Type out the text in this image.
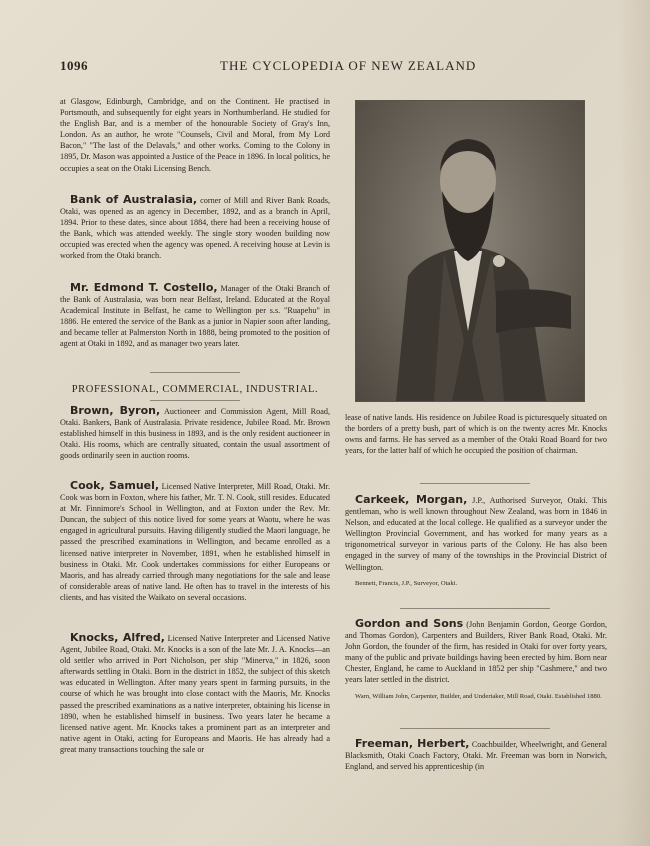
1096	THE CYCLOPEDIA OF NEW ZEALAND

at Glasgow, Edinburgh, Cambridge, and on the Continent. He practised in Portsmouth, and subsequently for eight years in Northumberland. He studied for the English Bar, and is a member of the honourable Society of Gray's Inn, London. As an author, he wrote "Counsels, Civil and Moral, from My Lord Bacon," "The last of the Delavals," and other works. Coming to the Colony in 1895, Dr. Mason was appointed a Justice of the Peace in 1896. In local politics, he occupies a seat on the Otaki Licensing Bench.

Bank of Australasia, corner of Mill and River Bank Roads, Otaki, was opened as an agency in December, 1892, and as a branch in April, 1894. Prior to these dates, since about 1884, there had been a receiving house of the Bank, which was attended weekly. The single story wooden building now occupied was erected when the agency was opened. A receiving house at Levin is worked from the Otaki branch.

Mr. Edmond T. Costello, Manager of the Otaki Branch of the Bank of Australasia, was born near Belfast, Ireland. Educated at the Royal Academical Institute in Belfast, he came to Wellington per s.s. "Ruapehu" in 1886. He entered the service of the Bank as a junior in Napier soon after landing, and became teller at Palmerston North in 1888, being promoted to the position of agent at Otaki in 1892, and as manager two years later.

PROFESSIONAL, COMMERCIAL, INDUSTRIAL.

Brown, Byron, Auctioneer and Commission Agent, Mill Road, Otaki. Bankers, Bank of Australasia. Private residence, Jubilee Road. Mr. Brown established himself in this business in 1893, and is the only resident auctioneer in Otaki. His rooms, which are centrally situated, contain the usual assortment of goods ordinarily seen in auction rooms.

Cook, Samuel, Licensed Native Interpreter, Mill Road, Otaki. Mr. Cook was born in Foxton, where his father, Mr. T. N. Cook, still resides. Educated at Mr. Finnimore's School in Wellington, and at Foxton under the Rev. Mr. Duncan, the subject of this notice lived for some years at Waotu, where he was engaged in agricultural pursuits. Having diligently studied the Maori language, he passed the prescribed examinations in Wellington, and became enrolled as a licensed native interpreter in November, 1891, when he established himself in business in Otaki. Mr. Cook undertakes commissions for either Europeans or Maoris, and has already carried through many negotiations for the sale and lease of considerable areas of native land. He often has to travel in the interests of his clients, and has visited the Waikato on several occasions.

Knocks, Alfred, Licensed Native Interpreter and Licensed Native Agent, Jubilee Road, Otaki. Mr. Knocks is a son of the late Mr. J. A. Knocks—an old settler who arrived in Port Nicholson, per ship "Minerva," in 1826, soon afterwards settling in Otaki. Born in the district in 1852, the subject of this sketch was educated in Wellington. After many years spent in farming pursuits, in the course of which he was brought into close contact with the Maoris, Mr. Knocks passed the prescribed examinations as a native interpreter, obtaining his license in 1890, when he established himself in business. Two years later he became a licensed native agent. Mr. Knocks takes a prominent part as an interpreter and native agent in Otaki, acting for Europeans and Maoris. He has already had a great many transactions touching the sale or

lease of native lands. His residence on Jubilee Road is picturesquely situated on the borders of a pretty bush, part of which is on the twenty acres Mr. Knocks owns and farms. He has served as a member of the Otaki Road Board for two years, for the latter half of which he occupied the position of chairman.

Carkeek, Morgan, J.P., Authorised Surveyor, Otaki. This gentleman, who is well known throughout New Zealand, was born in 1846 in Nelson, and educated at the local college. He qualified as a surveyor under the Wellington Provincial Government, and has worked for many years as a trigonometrical surveyor in various parts of the Colony. He has also been engaged in the survey of many of the townships in the Provincial District of Wellington.

Bennett, Francis, J.P., Surveyor, Otaki.

Gordon and Sons (John Benjamin Gordon, George Gordon, and Thomas Gordon), Carpenters and Builders, River Bank Road, Otaki. Mr. John Gordon, the founder of the firm, has resided in Otaki for over forty years, many of the public and private buildings having been erected by him. Born near Chester, England, he came to Auckland in 1852 per ship "Cashmere," and two years later settled in the district.

Warn, William John, Carpenter, Builder, and Undertaker, Mill Road, Otaki. Established 1880.

Freeman, Herbert, Coachbuilder, Wheelwright, and General Blacksmith, Otaki Coach Factory, Otaki. Mr. Freeman was born in Norwich, England, and served his apprenticeship (in
